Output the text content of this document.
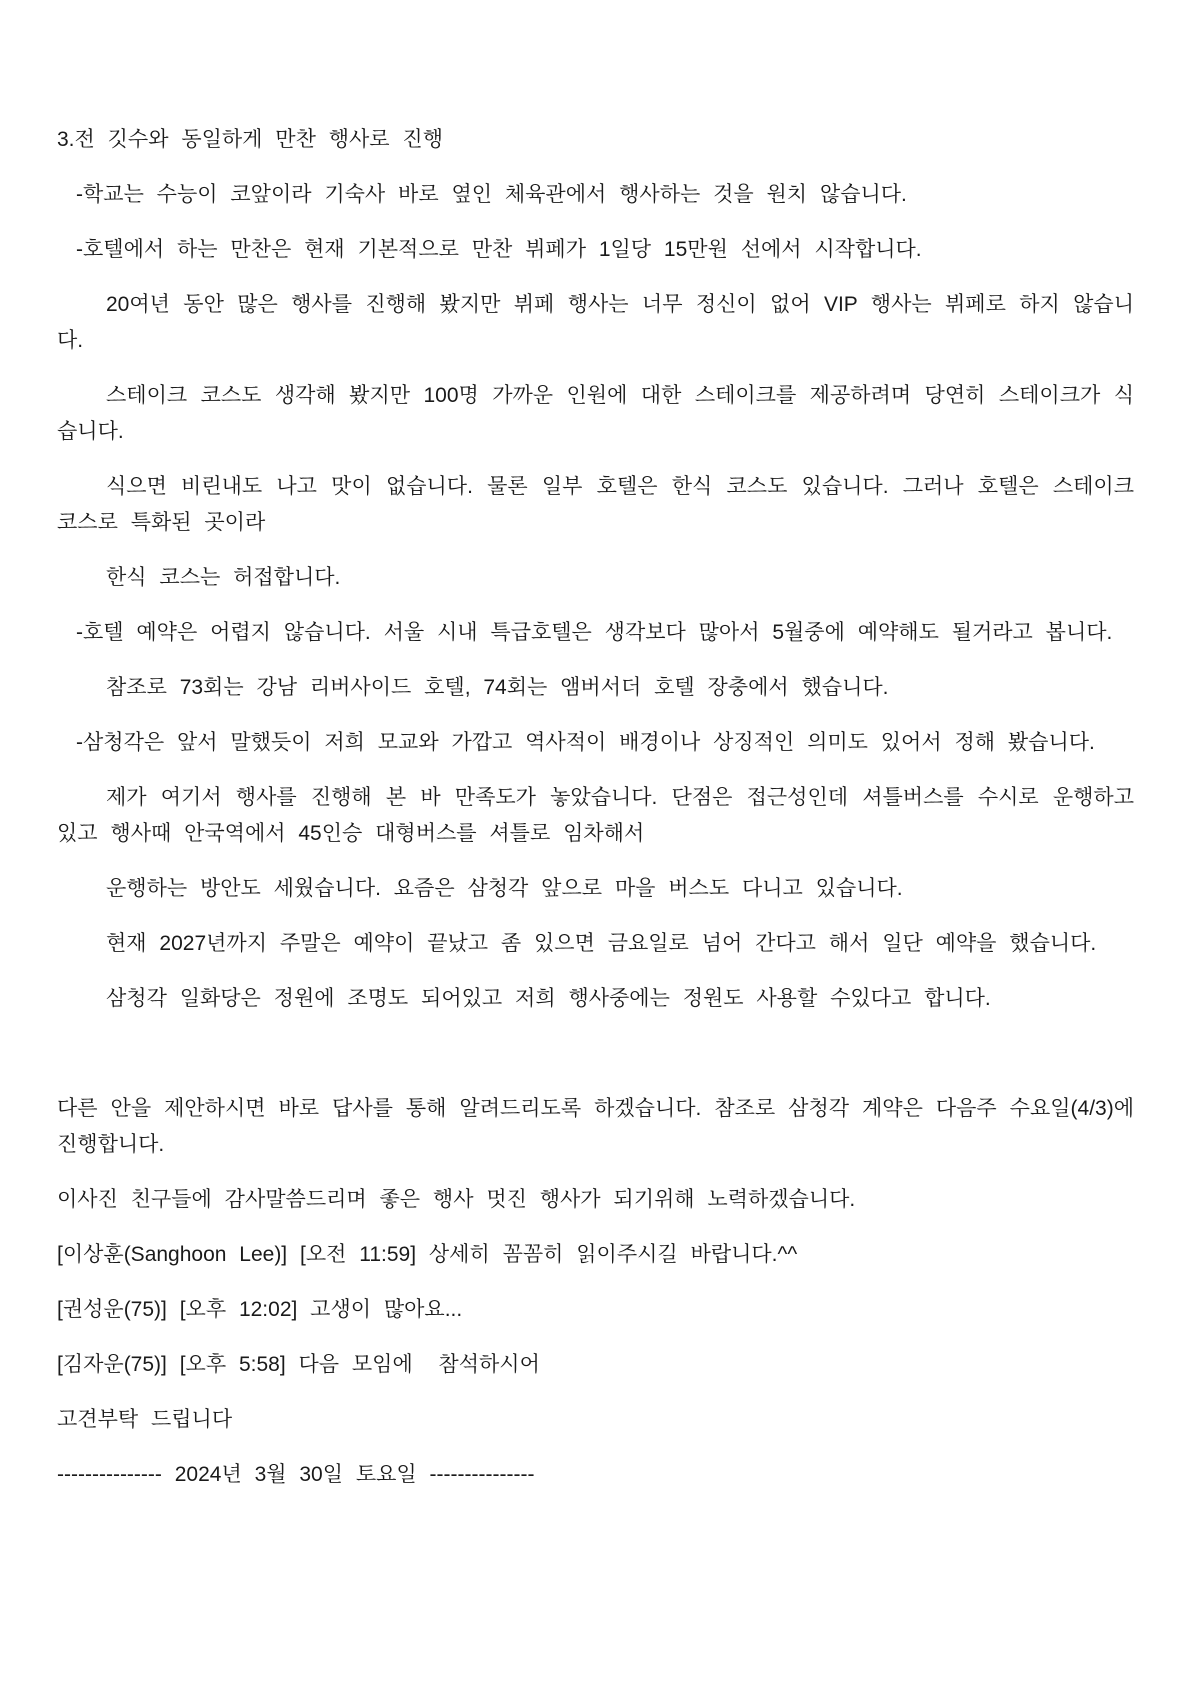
3.전 깃수와 동일하게 만찬 행사로 진행

-학교는 수능이 코앞이라 기숙사 바로 옆인 체육관에서 행사하는 것을 원치 않습니다.

-호텔에서 하는 만찬은 현재 기본적으로 만찬 뷔페가 1일당 15만원 선에서 시작합니다.

20여년 동안 많은 행사를 진행해 봤지만 뷔페 행사는 너무 정신이 없어 VIP 행사는 뷔페로 하지 않습니다.

스테이크 코스도 생각해 봤지만 100명 가까운 인원에 대한 스테이크를 제공하려며 당연히 스테이크가 식습니다.

식으면 비린내도 나고 맛이 없습니다. 물론 일부 호텔은 한식 코스도 있습니다. 그러나 호텔은 스테이크 코스로 특화된 곳이라

한식 코스는 허접합니다.

-호텔 예약은 어렵지 않습니다. 서울 시내 특급호텔은 생각보다 많아서 5월중에 예약해도 될거라고 봅니다.

참조로 73회는 강남 리버사이드 호텔, 74회는 앰버서더 호텔 장충에서 했습니다.

-삼청각은 앞서 말했듯이 저희 모교와 가깝고 역사적이 배경이나 상징적인 의미도 있어서 정해 봤습니다.

제가 여기서 행사를 진행해 본 바 만족도가 놓았습니다. 단점은 접근성인데 셔틀버스를 수시로 운행하고 있고 행사때 안국역에서 45인승 대형버스를 셔틀로 임차해서

운행하는 방안도 세웠습니다. 요즘은 삼청각 앞으로 마을 버스도 다니고 있습니다.

현재 2027년까지 주말은 예약이 끝났고 좀 있으면 금요일로 넘어 간다고 해서 일단 예약을 했습니다.

삼청각 일화당은 정원에 조명도 되어있고 저희 행사중에는 정원도 사용할 수있다고 합니다.

다른 안을 제안하시면 바로 답사를 통해 알려드리도록 하겠습니다. 참조로 삼청각 계약은 다음주 수요일(4/3)에 진행합니다.

이사진 친구들에 감사말씀드리며 좋은 행사 멋진 행사가 되기위해 노력하겠습니다.

[이상훈(Sanghoon Lee)] [오전 11:59] 상세히 꼼꼼히 읽이주시길 바랍니다.^^

[권성운(75)] [오후 12:02] 고생이 많아요...

[김자운(75)] [오후 5:58] 다음 모임에  참석하시어

고견부탁 드립니다

--------------- 2024년 3월 30일 토요일 ---------------
